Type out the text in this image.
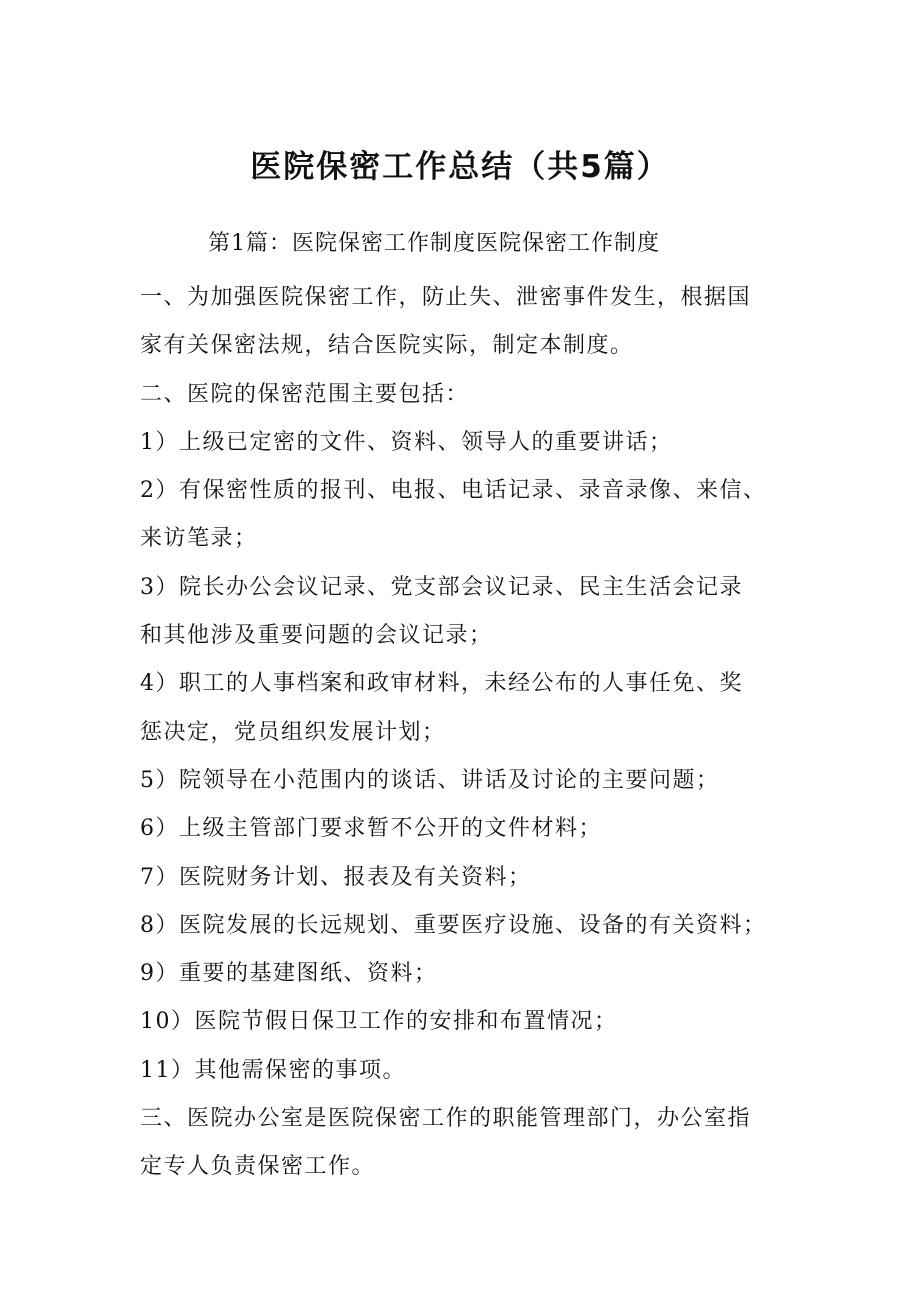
医院保密工作总结（共5篇）
第1篇：医院保密工作制度医院保密工作制度
一、为加强医院保密工作，防止失、泄密事件发生，根据国
家有关保密法规，结合医院实际，制定本制度。
二、医院的保密范围主要包括：
1）上级已定密的文件、资料、领导人的重要讲话；
2）有保密性质的报刊、电报、电话记录、录音录像、来信、
来访笔录；
3）院长办公会议记录、党支部会议记录、民主生活会记录
和其他涉及重要问题的会议记录；
4）职工的人事档案和政审材料，未经公布的人事任免、奖
惩决定，党员组织发展计划；
5）院领导在小范围内的谈话、讲话及讨论的主要问题；
6）上级主管部门要求暂不公开的文件材料；
7）医院财务计划、报表及有关资料；
8）医院发展的长远规划、重要医疗设施、设备的有关资料；
9）重要的基建图纸、资料；
10）医院节假日保卫工作的安排和布置情况；
11）其他需保密的事项。
三、医院办公室是医院保密工作的职能管理部门，办公室指
定专人负责保密工作。
